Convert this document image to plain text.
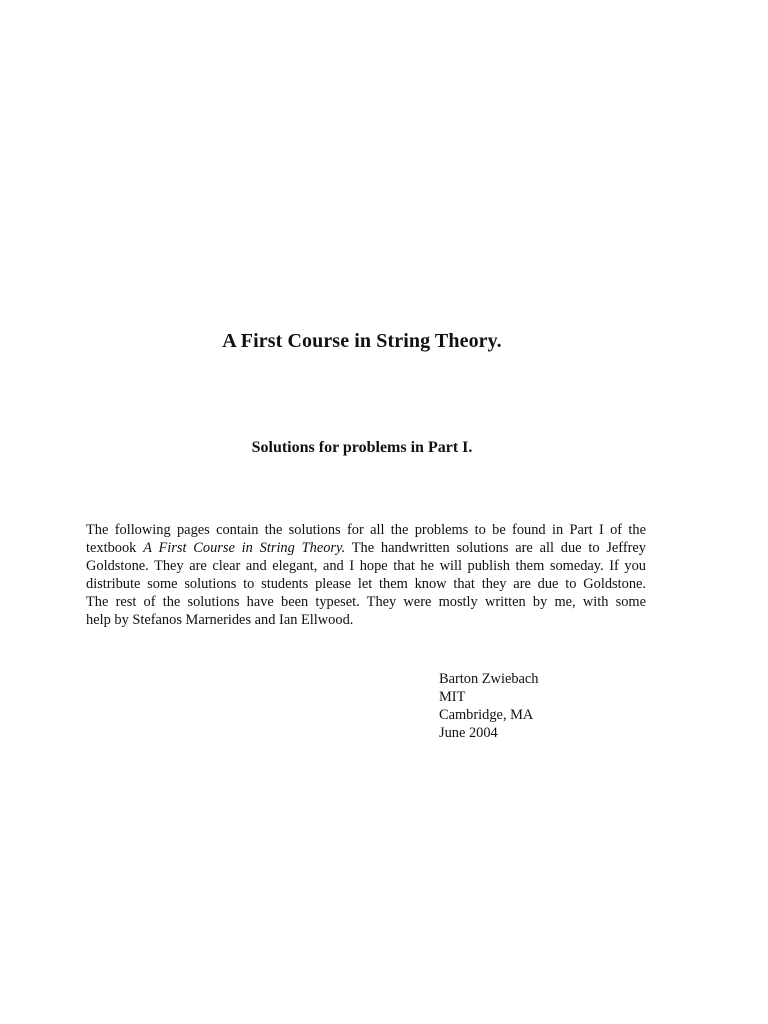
A First Course in String Theory.
Solutions for problems in Part I.

The following pages contain the solutions for all the problems to be found in Part I of the
textbook A First Course in String Theory. The handwritten solutions are all due to Jeffrey
Goldstone. They are clear and elegant, and I hope that he will publish them someday. If you
distribute some solutions to students please let them know that they are due to Goldstone.
The rest of the solutions have been typeset. They were mostly written by me, with some
help by Stefanos Marnerides and Ian Ellwood.

Barton Zwiebach
MIT
Cambridge, MA
June 2004
